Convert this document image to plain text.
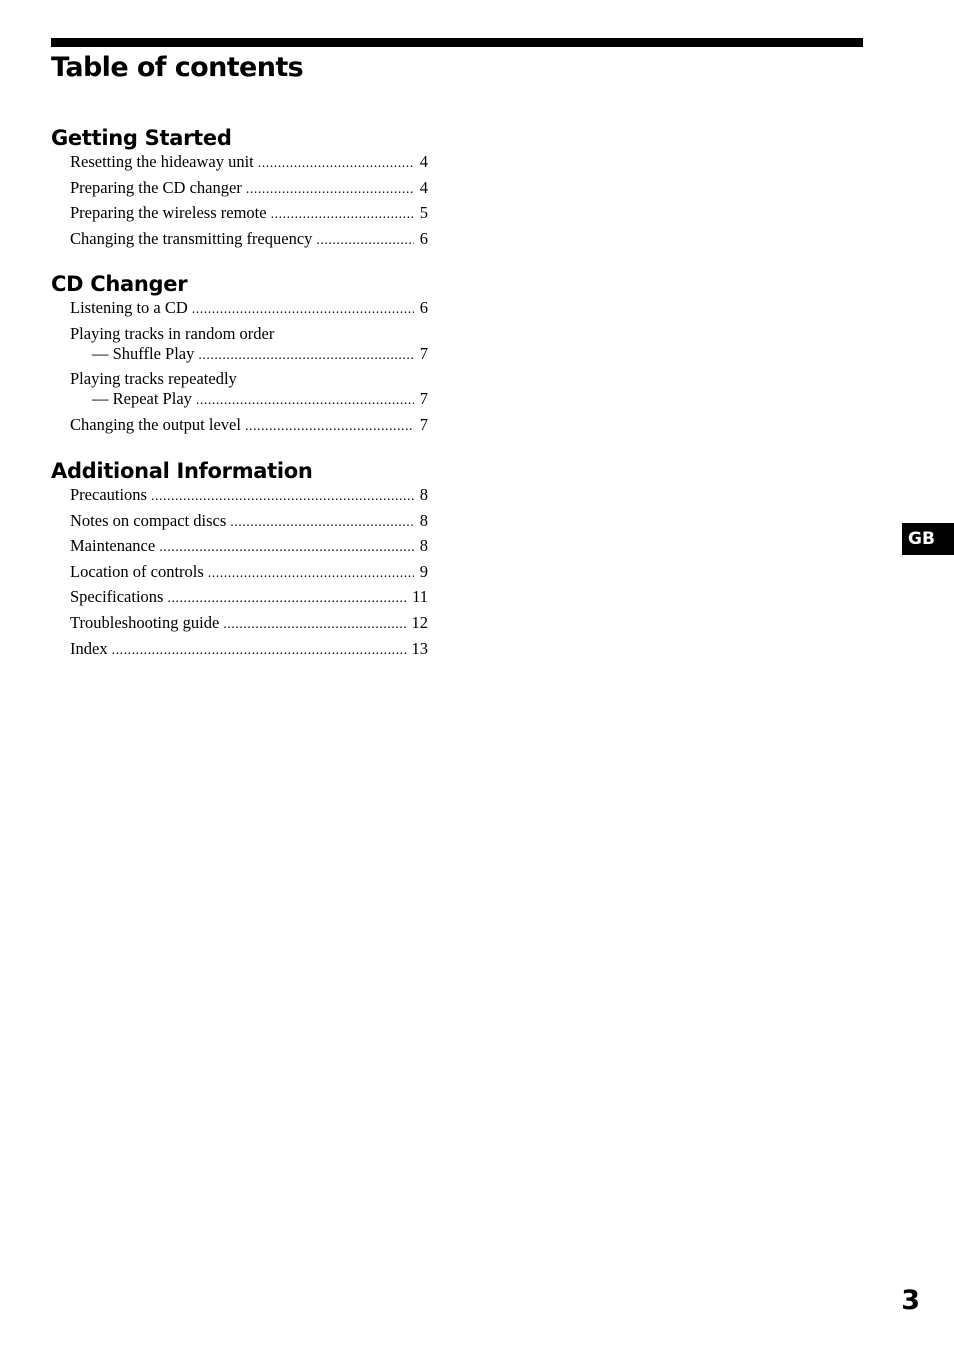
Table of contents
Getting Started
Resetting the hideaway unit .....	4
Preparing the CD changer .....	4
Preparing the wireless remote .....	5
Changing the transmitting frequency .....	6
CD Changer
Listening to a CD .....	6
Playing tracks in random order
— Shuffle Play .....	7
Playing tracks repeatedly
— Repeat Play .....	7
Changing the output level .....	7
Additional Information
Precautions .....	8
Notes on compact discs .....	8
Maintenance .....	8
Location of controls .....	9
Specifications .....	11
Troubleshooting guide .....	12
Index .....	13
GB
3
